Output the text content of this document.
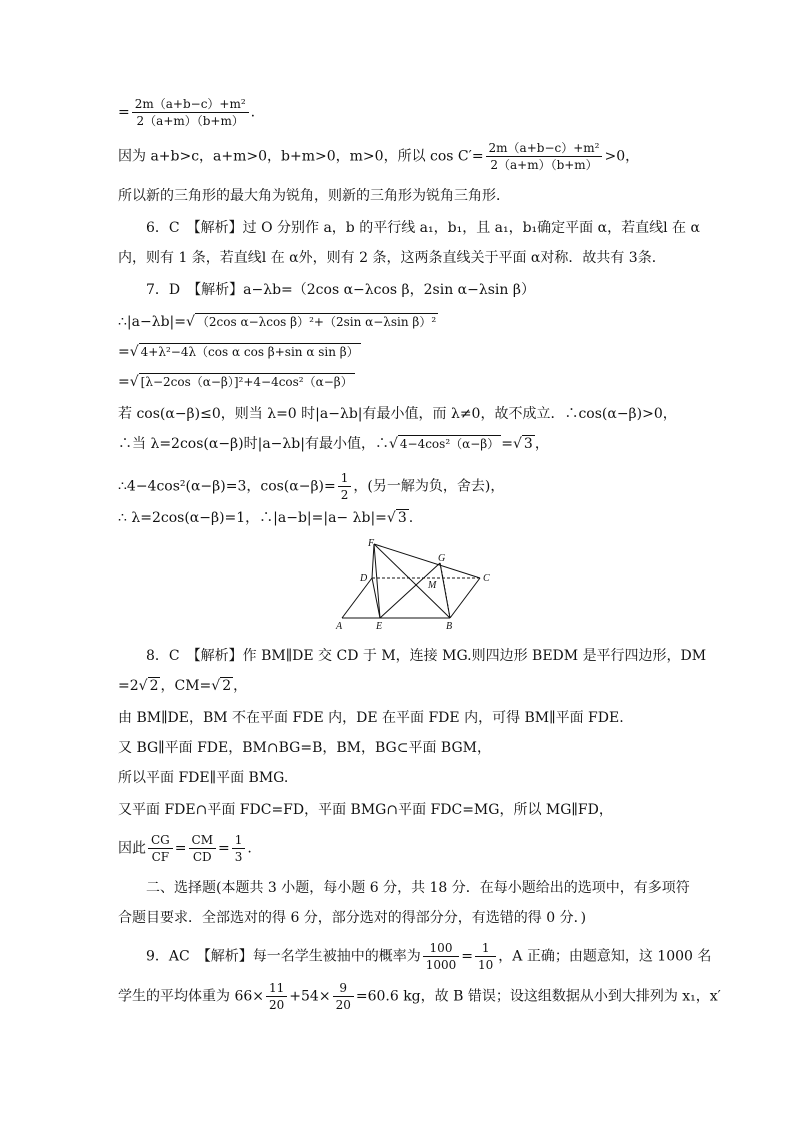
= $\frac{\text{2m（a+b−c）+m²}}{2(a+m)(b+m)}$ .
因为 a+b>c，a+m>0，b+m>0，m>0，所以 $\cos C'= \frac{\text{2m（a+b−c）+m²}}{2(a+m)(b+m)} >0$，
所以新的三角形的最大角为锐角，则新的三角形为锐角三角形．
6．C　【解析】过 O 分别作 a，b 的平行线 a₁，b₁，且 a₁，b₁确定平面 α，若直线l 在 α
内，则有 1 条，若直线l 在 α外，则有 2 条，这两条直线关于平面 α对称．故共有 3条．
7．D　【解析】a−λb=（2cos α−λcos β，2sin α−λsin β）
∴|a−λb|=√ （2cos α−λcos β）²+（2sin α−λsin β）²
=√ 4+λ²−4λ（cos α cos β+sin α sin β）
=√ [λ−2cos（α−β）]²+4−4cos²（α−β）
若 cos(α−β)≤0，则当 λ=0 时|a−λb|有最小值，而 λ≠0，故不成立．∴cos(α−β)>0，
∴当 λ=2cos(α−β)时|a−λb|有最小值，∴√ 4−4cos²（α−β） =√ 3 ，
∴4−4cos²(α−β)=3，$\cos(\alpha-\beta)= \frac{1}{2}$ ，(另一解为负，舍去)，
∴ λ=2cos(α−β)=1，∴|a−b|=|a− λb|=√ 3 .
F
G
D
M
C
A	E	B
8．C　【解析】作 BM∥DE 交 CD 于 M，连接 MG.则四边形 BEDM 是平行四边形，DM
=2√ 2 ，CM=√ 2 ，
由 BM∥DE，BM 不在平面 FDE 内，DE 在平面 FDE 内，可得 BM∥平面 FDE.
又 BG∥平面 FDE，BM∩BG=B，BM，BG⊂平面 BGM，
所以平面 FDE∥平面 BMG.
又平面 FDE∩平面 FDC=FD，平面 BMG∩平面 FDC=MG，所以 MG∥FD，
因此 $\frac{CG}{CF} = \frac{CM}{CD} = \frac{1}{3}$ .
二、选择题(本题共 3 小题，每小题 6 分，共 18 分．在每小题给出的选项中，有多项符
合题目要求．全部选对的得 6 分，部分选对的得部分分，有选错的得 0 分．)
9．AC　【解析】每一名学生被抽中的概率为 $\frac{100}{1000} = \frac{1}{10}$ ，A 正确；由题意知，这 1000 名
学生的平均体重为 $66\times \frac{11}{20} +54\times \frac{9}{20} =60.6$ kg，故 B 错误；设这组数据从小到大排列为 x₁，x′
